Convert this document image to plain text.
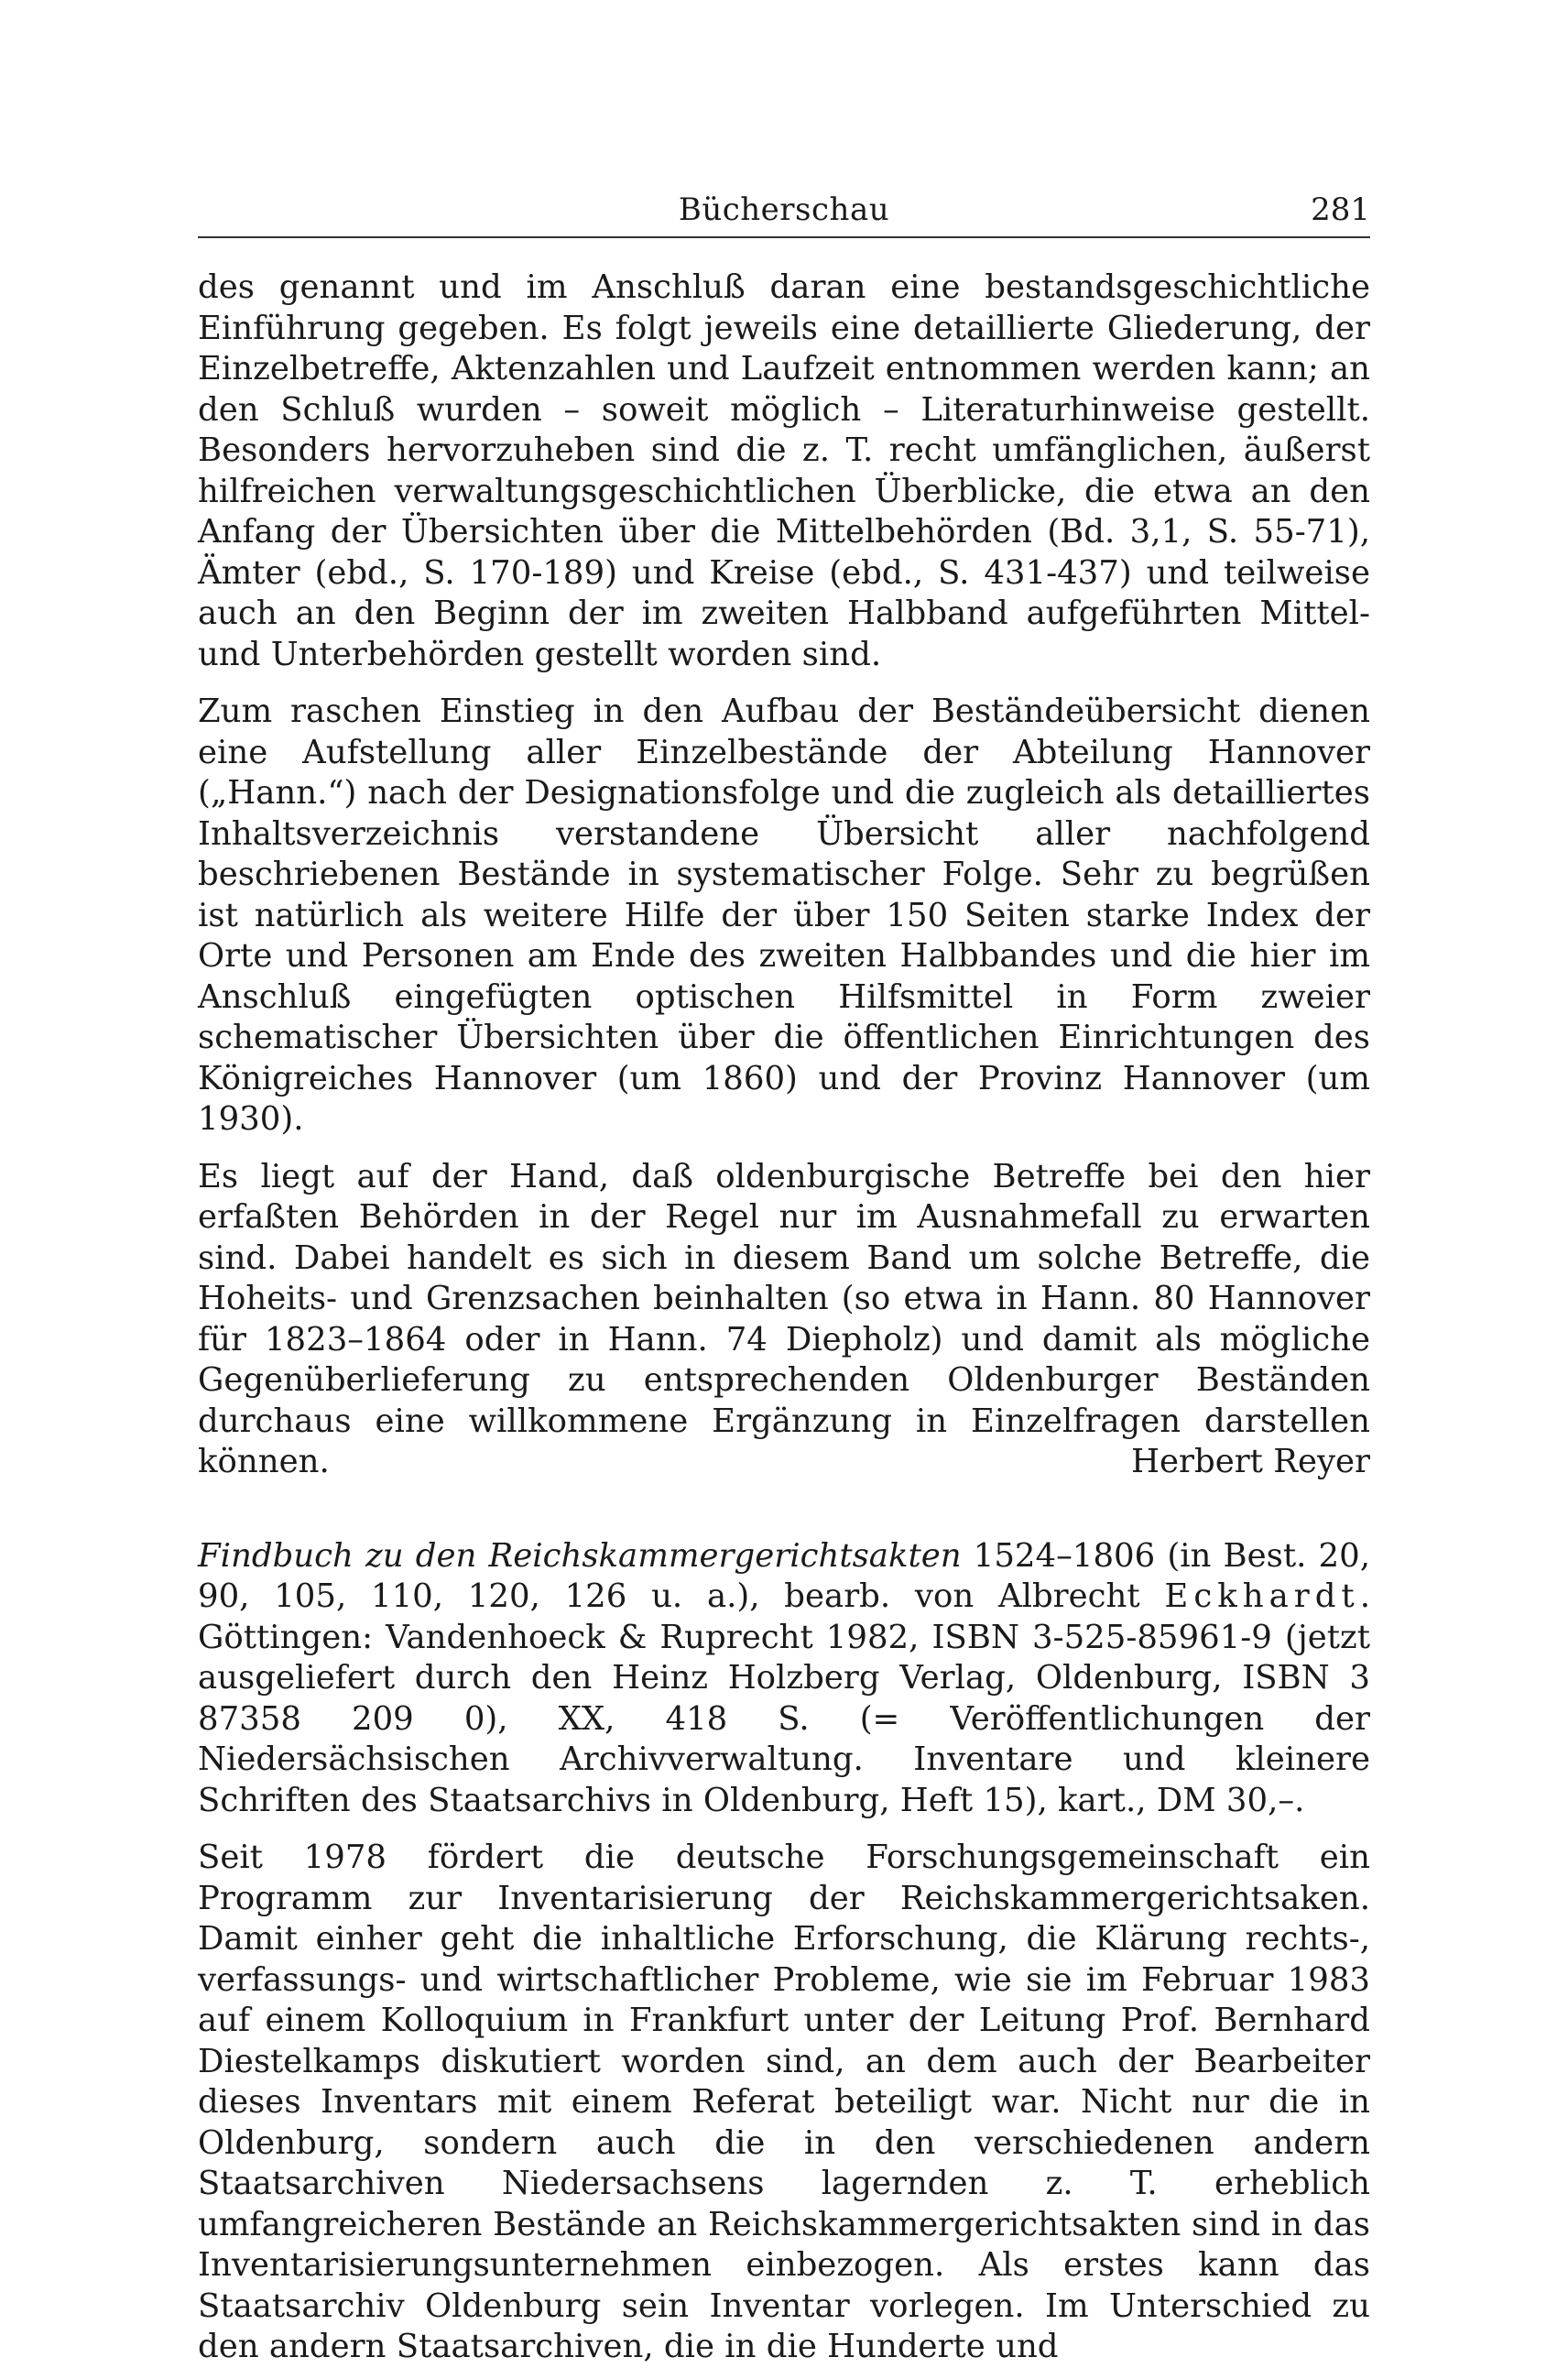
Bücherschau	281

des genannt und im Anschluß daran eine bestandsgeschichtliche Einführung gegeben. Es folgt jeweils eine detaillierte Gliederung, der Einzelbetreffe, Aktenzahlen und Laufzeit entnommen werden kann; an den Schluß wurden – soweit möglich – Literaturhinweise gestellt. Besonders hervorzuheben sind die z. T. recht umfänglichen, äußerst hilfreichen verwaltungsgeschichtlichen Überblicke, die etwa an den Anfang der Übersichten über die Mittelbehörden (Bd. 3,1, S. 55-71), Ämter (ebd., S. 170-189) und Kreise (ebd., S. 431-437) und teilweise auch an den Beginn der im zweiten Halbband aufgeführten Mittel- und Unterbehörden gestellt worden sind.

Zum raschen Einstieg in den Aufbau der Beständeübersicht dienen eine Aufstellung aller Einzelbestände der Abteilung Hannover („Hann.“) nach der Designationsfolge und die zugleich als detailliertes Inhaltsverzeichnis verstandene Übersicht aller nachfolgend beschriebenen Bestände in systematischer Folge. Sehr zu begrüßen ist natürlich als weitere Hilfe der über 150 Seiten starke Index der Orte und Personen am Ende des zweiten Halbbandes und die hier im Anschluß eingefügten optischen Hilfsmittel in Form zweier schematischer Übersichten über die öffentlichen Einrichtungen des Königreiches Hannover (um 1860) und der Provinz Hannover (um 1930).

Es liegt auf der Hand, daß oldenburgische Betreffe bei den hier erfaßten Behörden in der Regel nur im Ausnahmefall zu erwarten sind. Dabei handelt es sich in diesem Band um solche Betreffe, die Hoheits- und Grenzsachen beinhalten (so etwa in Hann. 80 Hannover für 1823–1864 oder in Hann. 74 Diepholz) und damit als mögliche Gegenüberlieferung zu entsprechenden Oldenburger Beständen durchaus eine willkommene Ergänzung in Einzelfragen darstellen können.	Herbert Reyer

Findbuch zu den Reichskammergerichtsakten 1524–1806 (in Best. 20, 90, 105, 110, 120, 126 u. a.), bearb. von Albrecht Eckhardt. Göttingen: Vandenhoeck & Ruprecht 1982, ISBN 3-525-85961-9 (jetzt ausgeliefert durch den Heinz Holzberg Verlag, Oldenburg, ISBN 3 87358 209 0), XX, 418 S. (= Veröffentlichungen der Niedersächsischen Archivverwaltung. Inventare und kleinere Schriften des Staatsarchivs in Oldenburg, Heft 15), kart., DM 30,–.

Seit 1978 fördert die deutsche Forschungsgemeinschaft ein Programm zur Inventarisierung der Reichskammergerichtsaken. Damit einher geht die inhaltliche Erforschung, die Klärung rechts-, verfassungs- und wirtschaftlicher Probleme, wie sie im Februar 1983 auf einem Kolloquium in Frankfurt unter der Leitung Prof. Bernhard Diestelkamps diskutiert worden sind, an dem auch der Bearbeiter dieses Inventars mit einem Referat beteiligt war. Nicht nur die in Oldenburg, sondern auch die in den verschiedenen andern Staatsarchiven Niedersachsens lagernden z. T. erheblich umfangreicheren Bestände an Reichskammergerichtsakten sind in das Inventarisierungsunternehmen einbezogen. Als erstes kann das Staatsarchiv Oldenburg sein Inventar vorlegen. Im Unterschied zu den andern Staatsarchiven, die in die Hunderte und
